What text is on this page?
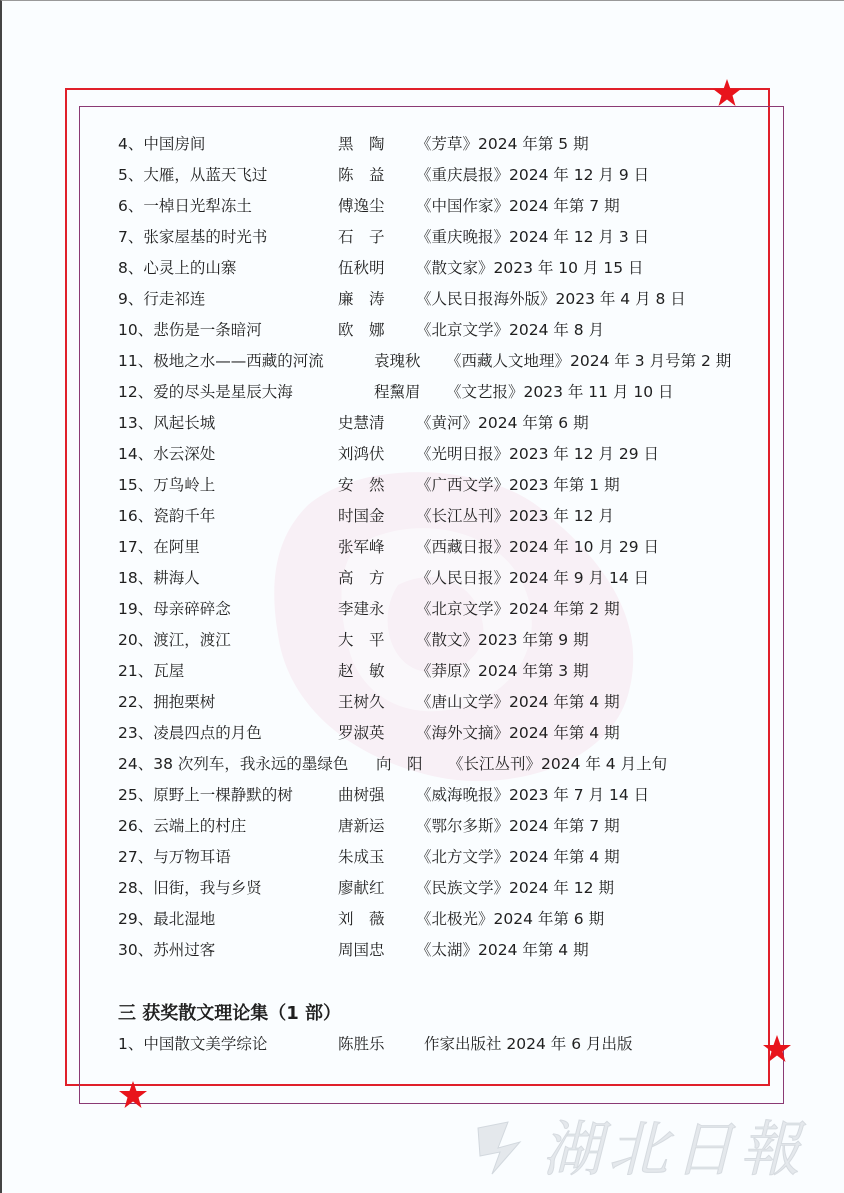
4、中国房间	黑　陶 《芳草》2024 年第 5 期
5、大雁，从蓝天飞过	陈　益 《重庆晨报》2024 年 12 月 9 日
6、一棹日光犁冻土	傅逸尘 《中国作家》2024 年第 7 期
7、张家屋基的时光书	石　子 《重庆晚报》2024 年 12 月 3 日
8、心灵上的山寨	伍秋明 《散文家》2023 年 10 月 15 日
9、行走祁连	廉　涛 《人民日报海外版》2023 年 4 月 8 日
10、悲伤是一条暗河	欧　娜 《北京文学》2024 年 8 月
11、极地之水——西藏的河流	袁瑰秋 《西藏人文地理》2024 年 3 月号第 2 期
12、爱的尽头是星辰大海	程黧眉 《文艺报》2023 年 11 月 10 日
13、风起长城	史慧清 《黄河》2024 年第 6 期
14、水云深处	刘鸿伏 《光明日报》2023 年 12 月 29 日
15、万鸟岭上	安　然 《广西文学》2023 年第 1 期
16、瓷韵千年	时国金 《长江丛刊》2023 年 12 月
17、在阿里	张军峰 《西藏日报》2024 年 10 月 29 日
18、耕海人	高　方 《人民日报》2024 年 9 月 14 日
19、母亲碎碎念	李建永 《北京文学》2024 年第 2 期
20、渡江，渡江	大　平 《散文》2023 年第 9 期
21、瓦屋	赵　敏 《莽原》2024 年第 3 期
22、拥抱栗树	王树久 《唐山文学》2024 年第 4 期
23、凌晨四点的月色	罗淑英 《海外文摘》2024 年第 4 期
24、38 次列车，我永远的墨绿色 向　阳 《长江丛刊》2024 年 4 月上旬
25、原野上一棵静默的树	曲树强 《威海晚报》2023 年 7 月 14 日
26、云端上的村庄	唐新运 《鄂尔多斯》2024 年第 7 期
27、与万物耳语	朱成玉 《北方文学》2024 年第 4 期
28、旧街，我与乡贤	廖献红 《民族文学》2024 年 12 期
29、最北湿地	刘　薇 《北极光》2024 年第 6 期
30、苏州过客	周国忠 《太湖》2024 年第 4 期
三 获奖散文理论集（1 部）
1、中国散文美学综论	陈胜乐	作家出版社 2024 年 6 月出版
湖北日報
